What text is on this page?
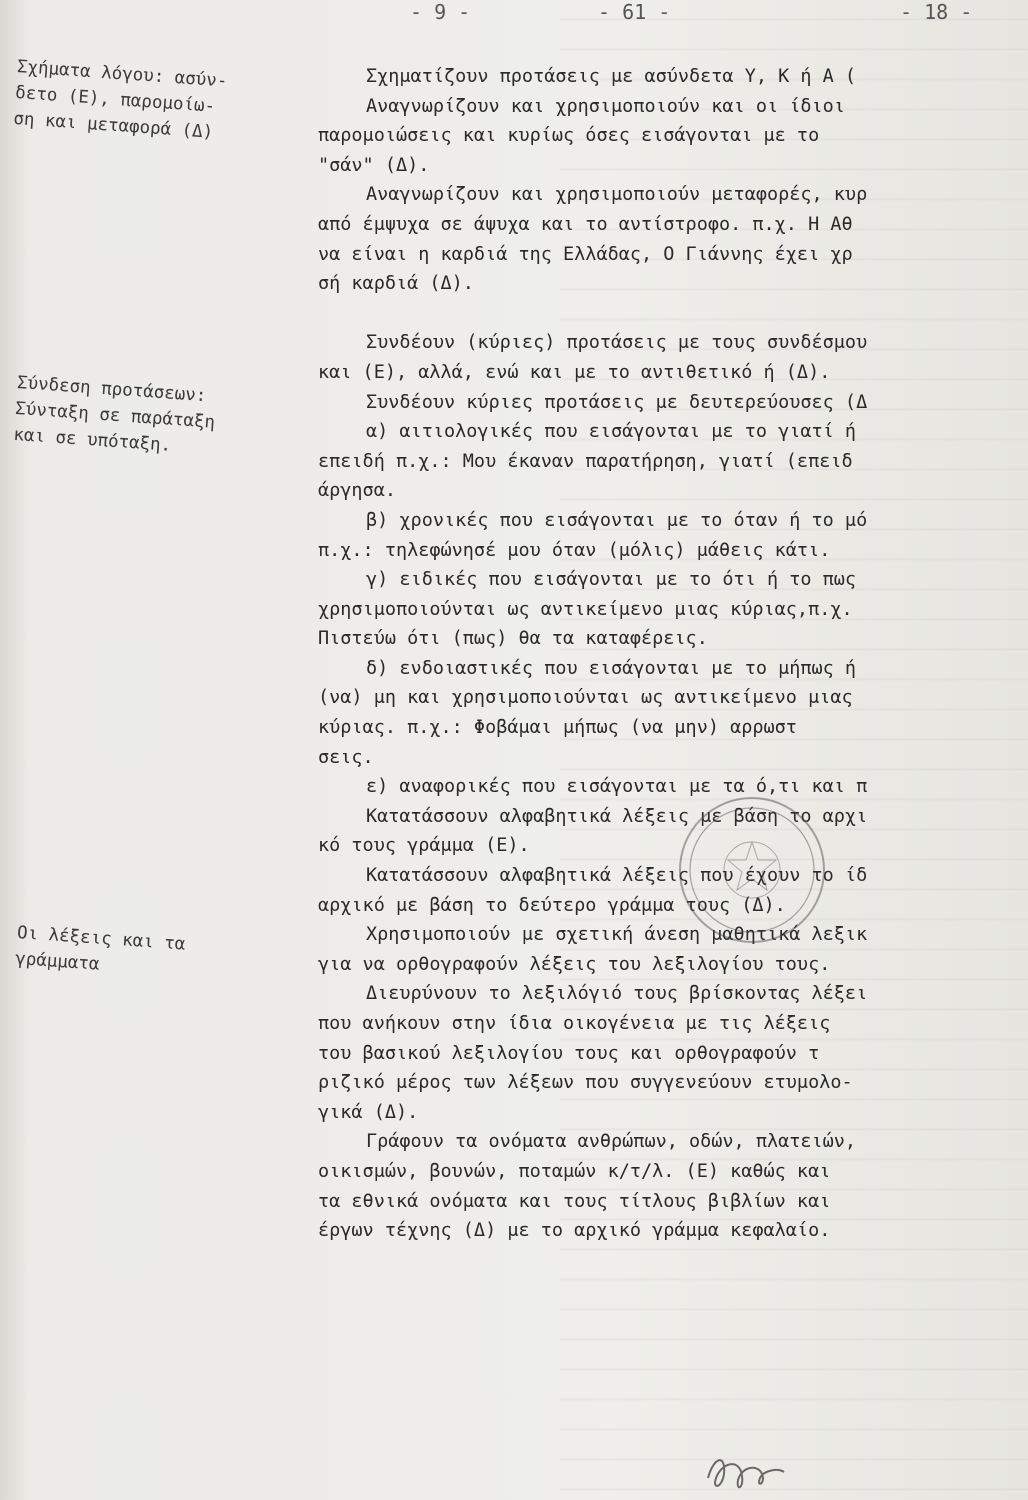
- 9 -	- 61 -	- 18 -
Σχήματα λόγου: ασύν-
δετο (Ε), παρομοίω-
ση και μεταφορά (Δ)
Σύνδεση προτάσεων:
Σύνταξη σε παράταξη
και σε υπόταξη.
Οι λέξεις και τα
γράμματα
Σχηματίζουν προτάσεις με ασύνδετα Υ, Κ ή Α (
Αναγνωρίζουν και χρησιμοποιούν και οι ίδιοι
παρομοιώσεις και κυρίως όσες εισάγονται με το
"σάν" (Δ).
Αναγνωρίζουν και χρησιμοποιούν μεταφορές, κυρ
από έμψυχα σε άψυχα και το αντίστροφο. π.χ. Η Αθ
να είναι η καρδιά της Ελλάδας, Ο Γιάννης έχει χρ
σή καρδιά (Δ).
Συνδέουν (κύριες) προτάσεις με τους συνδέσμου
και (Ε), αλλά, ενώ και με το αντιθετικό ή (Δ).
Συνδέουν κύριες προτάσεις με δευτερεύουσες (Δ
α) αιτιολογικές που εισάγονται με το γιατί ή
επειδή π.χ.: Μου έκαναν παρατήρηση, γιατί (επειδ
άργησα.
β) χρονικές που εισάγονται με το όταν ή το μό
π.χ.: τηλεφώνησέ μου όταν (μόλις) μάθεις κάτι.
γ) ειδικές που εισάγονται με το ότι ή το πως
χρησιμοποιούνται ως αντικείμενο μιας κύριας,π.χ.
Πιστεύω ότι (πως) θα τα καταφέρεις.
δ) ενδοιαστικές που εισάγονται με το μήπως ή
(να) μη και χρησιμοποιούνται ως αντικείμενο μιας
κύριας. π.χ.: Φοβάμαι μήπως (να μην) αρρωστ
σεις.
ε) αναφορικές που εισάγονται με τα ό,τι και π
Κατατάσσουν αλφαβητικά λέξεις με βάση το αρχι
κό τους γράμμα (Ε).
Κατατάσσουν αλφαβητικά λέξεις που έχουν το ίδ
αρχικό με βάση το δεύτερο γράμμα τους (Δ).
Χρησιμοποιούν με σχετική άνεση μαθητικά λεξικ
για να ορθογραφούν λέξεις του λεξιλογίου τους.
Διευρύνουν το λεξιλόγιό τους βρίσκοντας λέξει
που ανήκουν στην ίδια οικογένεια με τις λέξεις
του βασικού λεξιλογίου τους και ορθογραφούν τ
ριζικό μέρος των λέξεων που συγγενεύουν ετυμολο-
γικά (Δ).
Γράφουν τα ονόματα ανθρώπων, οδών, πλατειών,
οικισμών, βουνών, ποταμών κ/τ/λ. (Ε) καθώς και
τα εθνικά ονόματα και τους τίτλους βιβλίων και
έργων τέχνης (Δ) με το αρχικό γράμμα κεφαλαίο.
